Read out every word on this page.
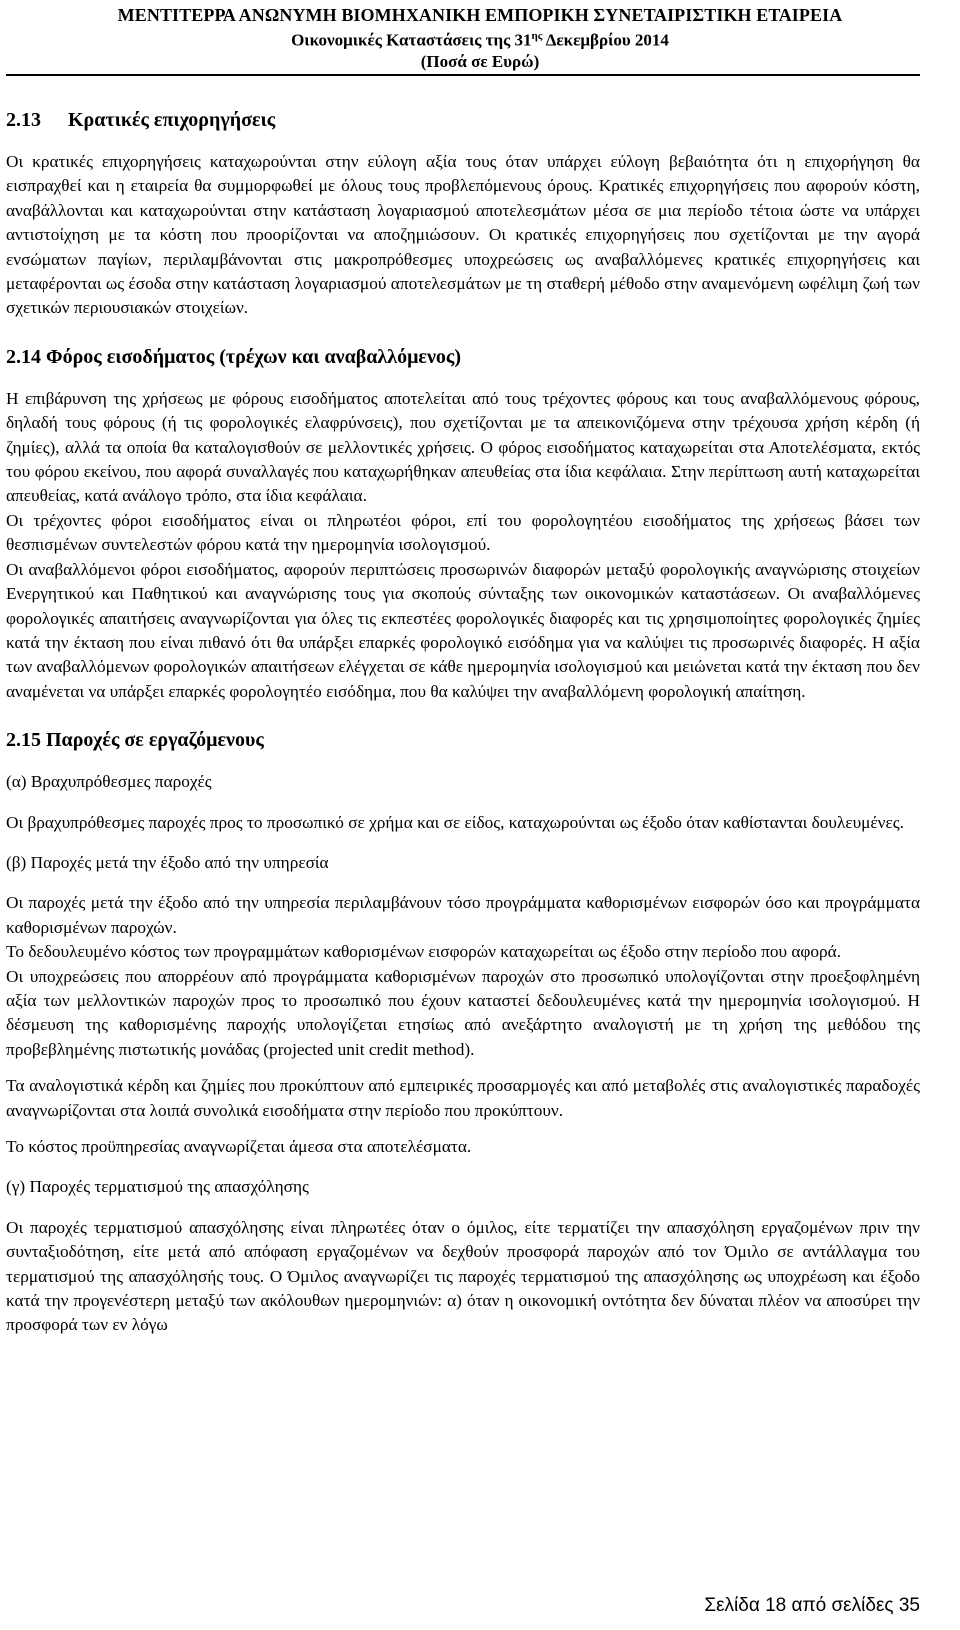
ΜΕΝΤΙΤΕΡΡΑ ΑΝΩΝΥΜΗ ΒΙΟΜΗΧΑΝΙΚΗ ΕΜΠΟΡΙΚΗ ΣΥΝΕΤΑΙΡΙΣΤΙΚΗ ΕΤΑΙΡΕΙΑ
Οικονομικές Καταστάσεις της $31^{\eta\varsigma}$ Δεκεμβρίου 2014
(Ποσά σε Ευρώ)
2.13 Κρατικές επιχορηγήσεις

Οι κρατικές επιχορηγήσεις καταχωρούνται στην εύλογη αξία τους όταν υπάρχει εύλογη βεβαιότητα ότι η επιχορήγηση θα εισπραχθεί και η εταιρεία θα συμμορφωθεί με όλους τους προβλεπόμενους όρους. Κρατικές επιχορηγήσεις που αφορούν κόστη, αναβάλλονται και καταχωρούνται στην κατάσταση λογαριασμού αποτελεσμάτων μέσα σε μια περίοδο τέτοια ώστε να υπάρχει αντιστοίχηση με τα κόστη που προορίζονται να αποζημιώσουν. Οι κρατικές επιχορηγήσεις που σχετίζονται με την αγορά ενσώματων παγίων, περιλαμβάνονται στις μακροπρόθεσμες υποχρεώσεις ως αναβαλλόμενες κρατικές επιχορηγήσεις και μεταφέρονται ως έσοδα στην κατάσταση λογαριασμού αποτελεσμάτων με τη σταθερή μέθοδο στην αναμενόμενη ωφέλιμη ζωή των σχετικών περιουσιακών στοιχείων.

2.14 Φόρος εισοδήματος (τρέχων και αναβαλλόμενος)

Η επιβάρυνση της χρήσεως με φόρους εισοδήματος αποτελείται από τους τρέχοντες φόρους και τους αναβαλλόμενους φόρους, δηλαδή τους φόρους (ή τις φορολογικές ελαφρύνσεις), που σχετίζονται με τα απεικονιζόμενα στην τρέχουσα χρήση κέρδη (ή ζημίες), αλλά τα οποία θα καταλογισθούν σε μελλοντικές χρήσεις. Ο φόρος εισοδήματος καταχωρείται στα Αποτελέσματα, εκτός του φόρου εκείνου, που αφορά συναλλαγές που καταχωρήθηκαν απευθείας στα ίδια κεφάλαια. Στην περίπτωση αυτή καταχωρείται απευθείας, κατά ανάλογο τρόπο, στα ίδια κεφάλαια.

Οι τρέχοντες φόροι εισοδήματος είναι οι πληρωτέοι φόροι, επί του φορολογητέου εισοδήματος της χρήσεως βάσει των θεσπισμένων συντελεστών φόρου κατά την ημερομηνία ισολογισμού.

Οι αναβαλλόμενοι φόροι εισοδήματος, αφορούν περιπτώσεις προσωρινών διαφορών μεταξύ φορολογικής αναγνώρισης στοιχείων Ενεργητικού και Παθητικού και αναγνώρισης τους για σκοπούς σύνταξης των οικονομικών καταστάσεων. Οι αναβαλλόμενες φορολογικές απαιτήσεις αναγνωρίζονται για όλες τις εκπεστέες φορολογικές διαφορές και τις χρησιμοποίητες φορολογικές ζημίες κατά την έκταση που είναι πιθανό ότι θα υπάρξει επαρκές φορολογικό εισόδημα για να καλύψει τις προσωρινές διαφορές. Η αξία των αναβαλλόμενων φορολογικών απαιτήσεων ελέγχεται σε κάθε ημερομηνία ισολογισμού και μειώνεται κατά την έκταση που δεν αναμένεται να υπάρξει επαρκές φορολογητέο εισόδημα, που θα καλύψει την αναβαλλόμενη φορολογική απαίτηση.

2.15 Παροχές σε εργαζόμενους
(α) Βραχυπρόθεσμες παροχές

Οι βραχυπρόθεσμες παροχές προς το προσωπικό σε χρήμα και σε είδος, καταχωρούνται ως έξοδο όταν καθίστανται δουλευμένες.

(β) Παροχές μετά την έξοδο από την υπηρεσία

Οι παροχές μετά την έξοδο από την υπηρεσία περιλαμβάνουν τόσο προγράμματα καθορισμένων εισφορών όσο και προγράμματα καθορισμένων παροχών.

Το δεδουλευμένο κόστος των προγραμμάτων καθορισμένων εισφορών καταχωρείται ως έξοδο στην περίοδο που αφορά.

Οι υποχρεώσεις που απορρέουν από προγράμματα καθορισμένων παροχών στο προσωπικό υπολογίζονται στην προεξοφλημένη αξία των μελλοντικών παροχών προς το προσωπικό που έχουν καταστεί δεδουλευμένες κατά την ημερομηνία ισολογισμού. Η δέσμευση της καθορισμένης παροχής υπολογίζεται ετησίως από ανεξάρτητο αναλογιστή με τη χρήση της μεθόδου της προβεβλημένης πιστωτικής μονάδας (projected unit credit method).

Τα αναλογιστικά κέρδη και ζημίες που προκύπτουν από εμπειρικές προσαρμογές και από μεταβολές στις αναλογιστικές παραδοχές αναγνωρίζονται στα λοιπά συνολικά εισοδήματα στην περίοδο που προκύπτουν.

Το κόστος προϋπηρεσίας αναγνωρίζεται άμεσα στα αποτελέσματα.

(γ) Παροχές τερματισμού της απασχόλησης

Οι παροχές τερματισμού απασχόλησης είναι πληρωτέες όταν ο όμιλος, είτε τερματίζει την απασχόληση εργαζομένων πριν την συνταξιοδότηση, είτε μετά από απόφαση εργαζομένων να δεχθούν προσφορά παροχών από τον Όμιλο σε αντάλλαγμα του τερματισμού της απασχόλησής τους. Ο Όμιλος αναγνωρίζει τις παροχές τερματισμού της απασχόλησης ως υποχρέωση και έξοδο κατά την προγενέστερη μεταξύ των ακόλουθων ημερομηνιών: α) όταν η οικονομική οντότητα δεν δύναται πλέον να αποσύρει την προσφορά των εν λόγω

Σελίδα 18 από σελίδες 35
